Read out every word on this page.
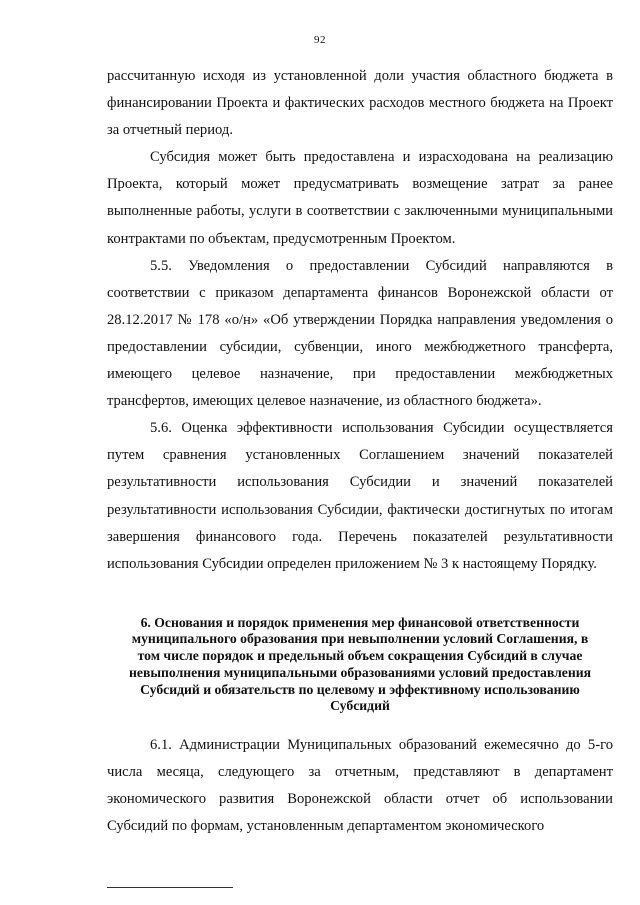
92

рассчитанную исходя из установленной доли участия областного бюджета в финансировании Проекта и фактических расходов местного бюджета на Проект за отчетный период.

Субсидия может быть предоставлена и израсходована на реализацию Проекта, который может предусматривать возмещение затрат за ранее выполненные работы, услуги в соответствии с заключенными муниципальными контрактами по объектам, предусмотренным Проектом.

5.5. Уведомления о предоставлении Субсидий направляются в соответствии с приказом департамента финансов Воронежской области от 28.12.2017 № 178 «о/н» «Об утверждении Порядка направления уведомления о предоставлении субсидии, субвенции, иного межбюджетного трансферта, имеющего целевое назначение, при предоставлении межбюджетных трансфертов, имеющих целевое назначение, из областного бюджета».

5.6. Оценка эффективности использования Субсидии осуществляется путем сравнения установленных Соглашением значений показателей результативности использования Субсидии и значений показателей результативности использования Субсидии, фактически достигнутых по итогам завершения финансового года. Перечень показателей результативности использования Субсидии определен приложением № 3 к настоящему Порядку.

6. Основания и порядок применения мер финансовой ответственности муниципального образования при невыполнении условий Соглашения, в том числе порядок и предельный объем сокращения Субсидий в случае невыполнения муниципальными образованиями условий предоставления Субсидий и обязательств по целевому и эффективному использованию Субсидий

6.1. Администрации Муниципальных образований ежемесячно до 5-го числа месяца, следующего за отчетным, представляют в департамент экономического развития Воронежской области отчет об использовании Субсидий по формам, установленным департаментом экономического
